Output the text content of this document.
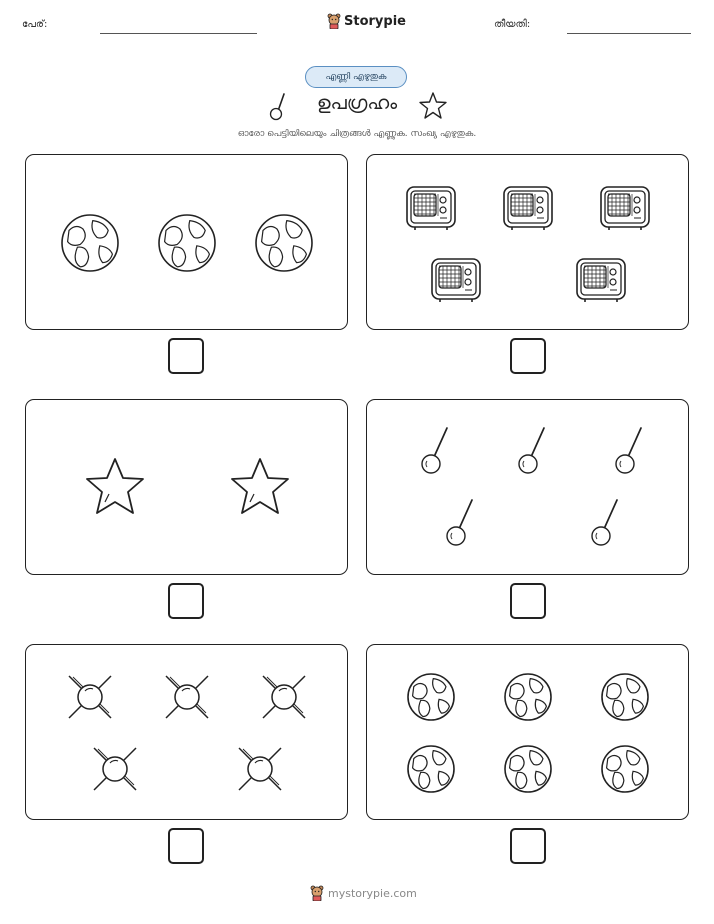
പേര്:	Storypie	തീയതി:
എണ്ണി എഴുതുക
ഉപഗ്രഹം
ഓരോ പെട്ടിയിലെയും ചിത്രങ്ങൾ എണ്ണുക. സംഖ്യ എഴുതുക.
mystorypie.com
